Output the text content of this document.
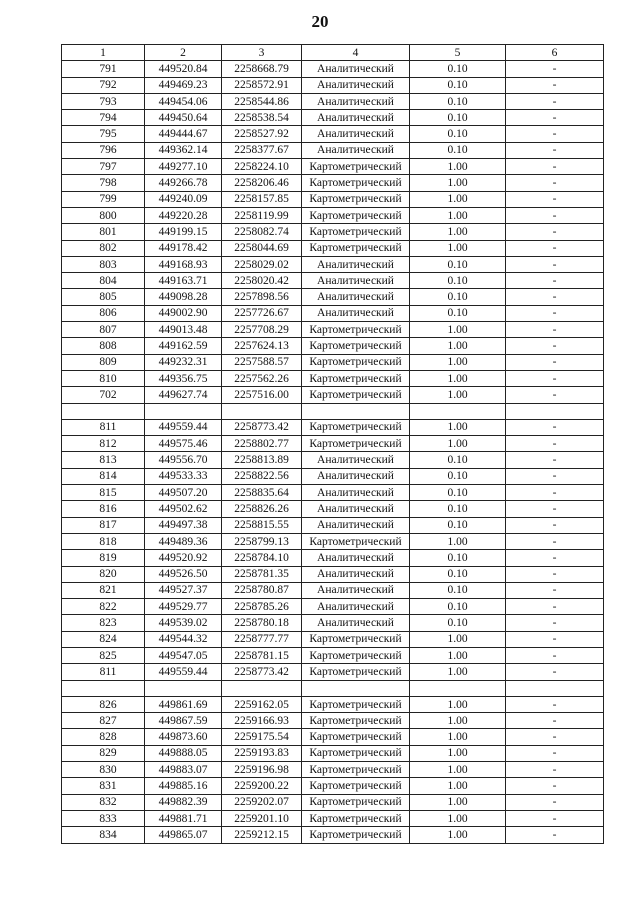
20
1	2	3	4	5	6
791	449520.84	2258668.79	Аналитический	0.10	-
792	449469.23	2258572.91	Аналитический	0.10	-
793	449454.06	2258544.86	Аналитический	0.10	-
794	449450.64	2258538.54	Аналитический	0.10	-
795	449444.67	2258527.92	Аналитический	0.10	-
796	449362.14	2258377.67	Аналитический	0.10	-
797	449277.10	2258224.10	Картометрический	1.00	-
798	449266.78	2258206.46	Картометрический	1.00	-
799	449240.09	2258157.85	Картометрический	1.00	-
800	449220.28	2258119.99	Картометрический	1.00	-
801	449199.15	2258082.74	Картометрический	1.00	-
802	449178.42	2258044.69	Картометрический	1.00	-
803	449168.93	2258029.02	Аналитический	0.10	-
804	449163.71	2258020.42	Аналитический	0.10	-
805	449098.28	2257898.56	Аналитический	0.10	-
806	449002.90	2257726.67	Аналитический	0.10	-
807	449013.48	2257708.29	Картометрический	1.00	-
808	449162.59	2257624.13	Картометрический	1.00	-
809	449232.31	2257588.57	Картометрический	1.00	-
810	449356.75	2257562.26	Картометрический	1.00	-
702	449627.74	2257516.00	Картометрический	1.00	-

811	449559.44	2258773.42	Картометрический	1.00	-
812	449575.46	2258802.77	Картометрический	1.00	-
813	449556.70	2258813.89	Аналитический	0.10	-
814	449533.33	2258822.56	Аналитический	0.10	-
815	449507.20	2258835.64	Аналитический	0.10	-
816	449502.62	2258826.26	Аналитический	0.10	-
817	449497.38	2258815.55	Аналитический	0.10	-
818	449489.36	2258799.13	Картометрический	1.00	-
819	449520.92	2258784.10	Аналитический	0.10	-
820	449526.50	2258781.35	Аналитический	0.10	-
821	449527.37	2258780.87	Аналитический	0.10	-
822	449529.77	2258785.26	Аналитический	0.10	-
823	449539.02	2258780.18	Аналитический	0.10	-
824	449544.32	2258777.77	Картометрический	1.00	-
825	449547.05	2258781.15	Картометрический	1.00	-
811	449559.44	2258773.42	Картометрический	1.00	-

826	449861.69	2259162.05	Картометрический	1.00	-
827	449867.59	2259166.93	Картометрический	1.00	-
828	449873.60	2259175.54	Картометрический	1.00	-
829	449888.05	2259193.83	Картометрический	1.00	-
830	449883.07	2259196.98	Картометрический	1.00	-
831	449885.16	2259200.22	Картометрический	1.00	-
832	449882.39	2259202.07	Картометрический	1.00	-
833	449881.71	2259201.10	Картометрический	1.00	-
834	449865.07	2259212.15	Картометрический	1.00	-
